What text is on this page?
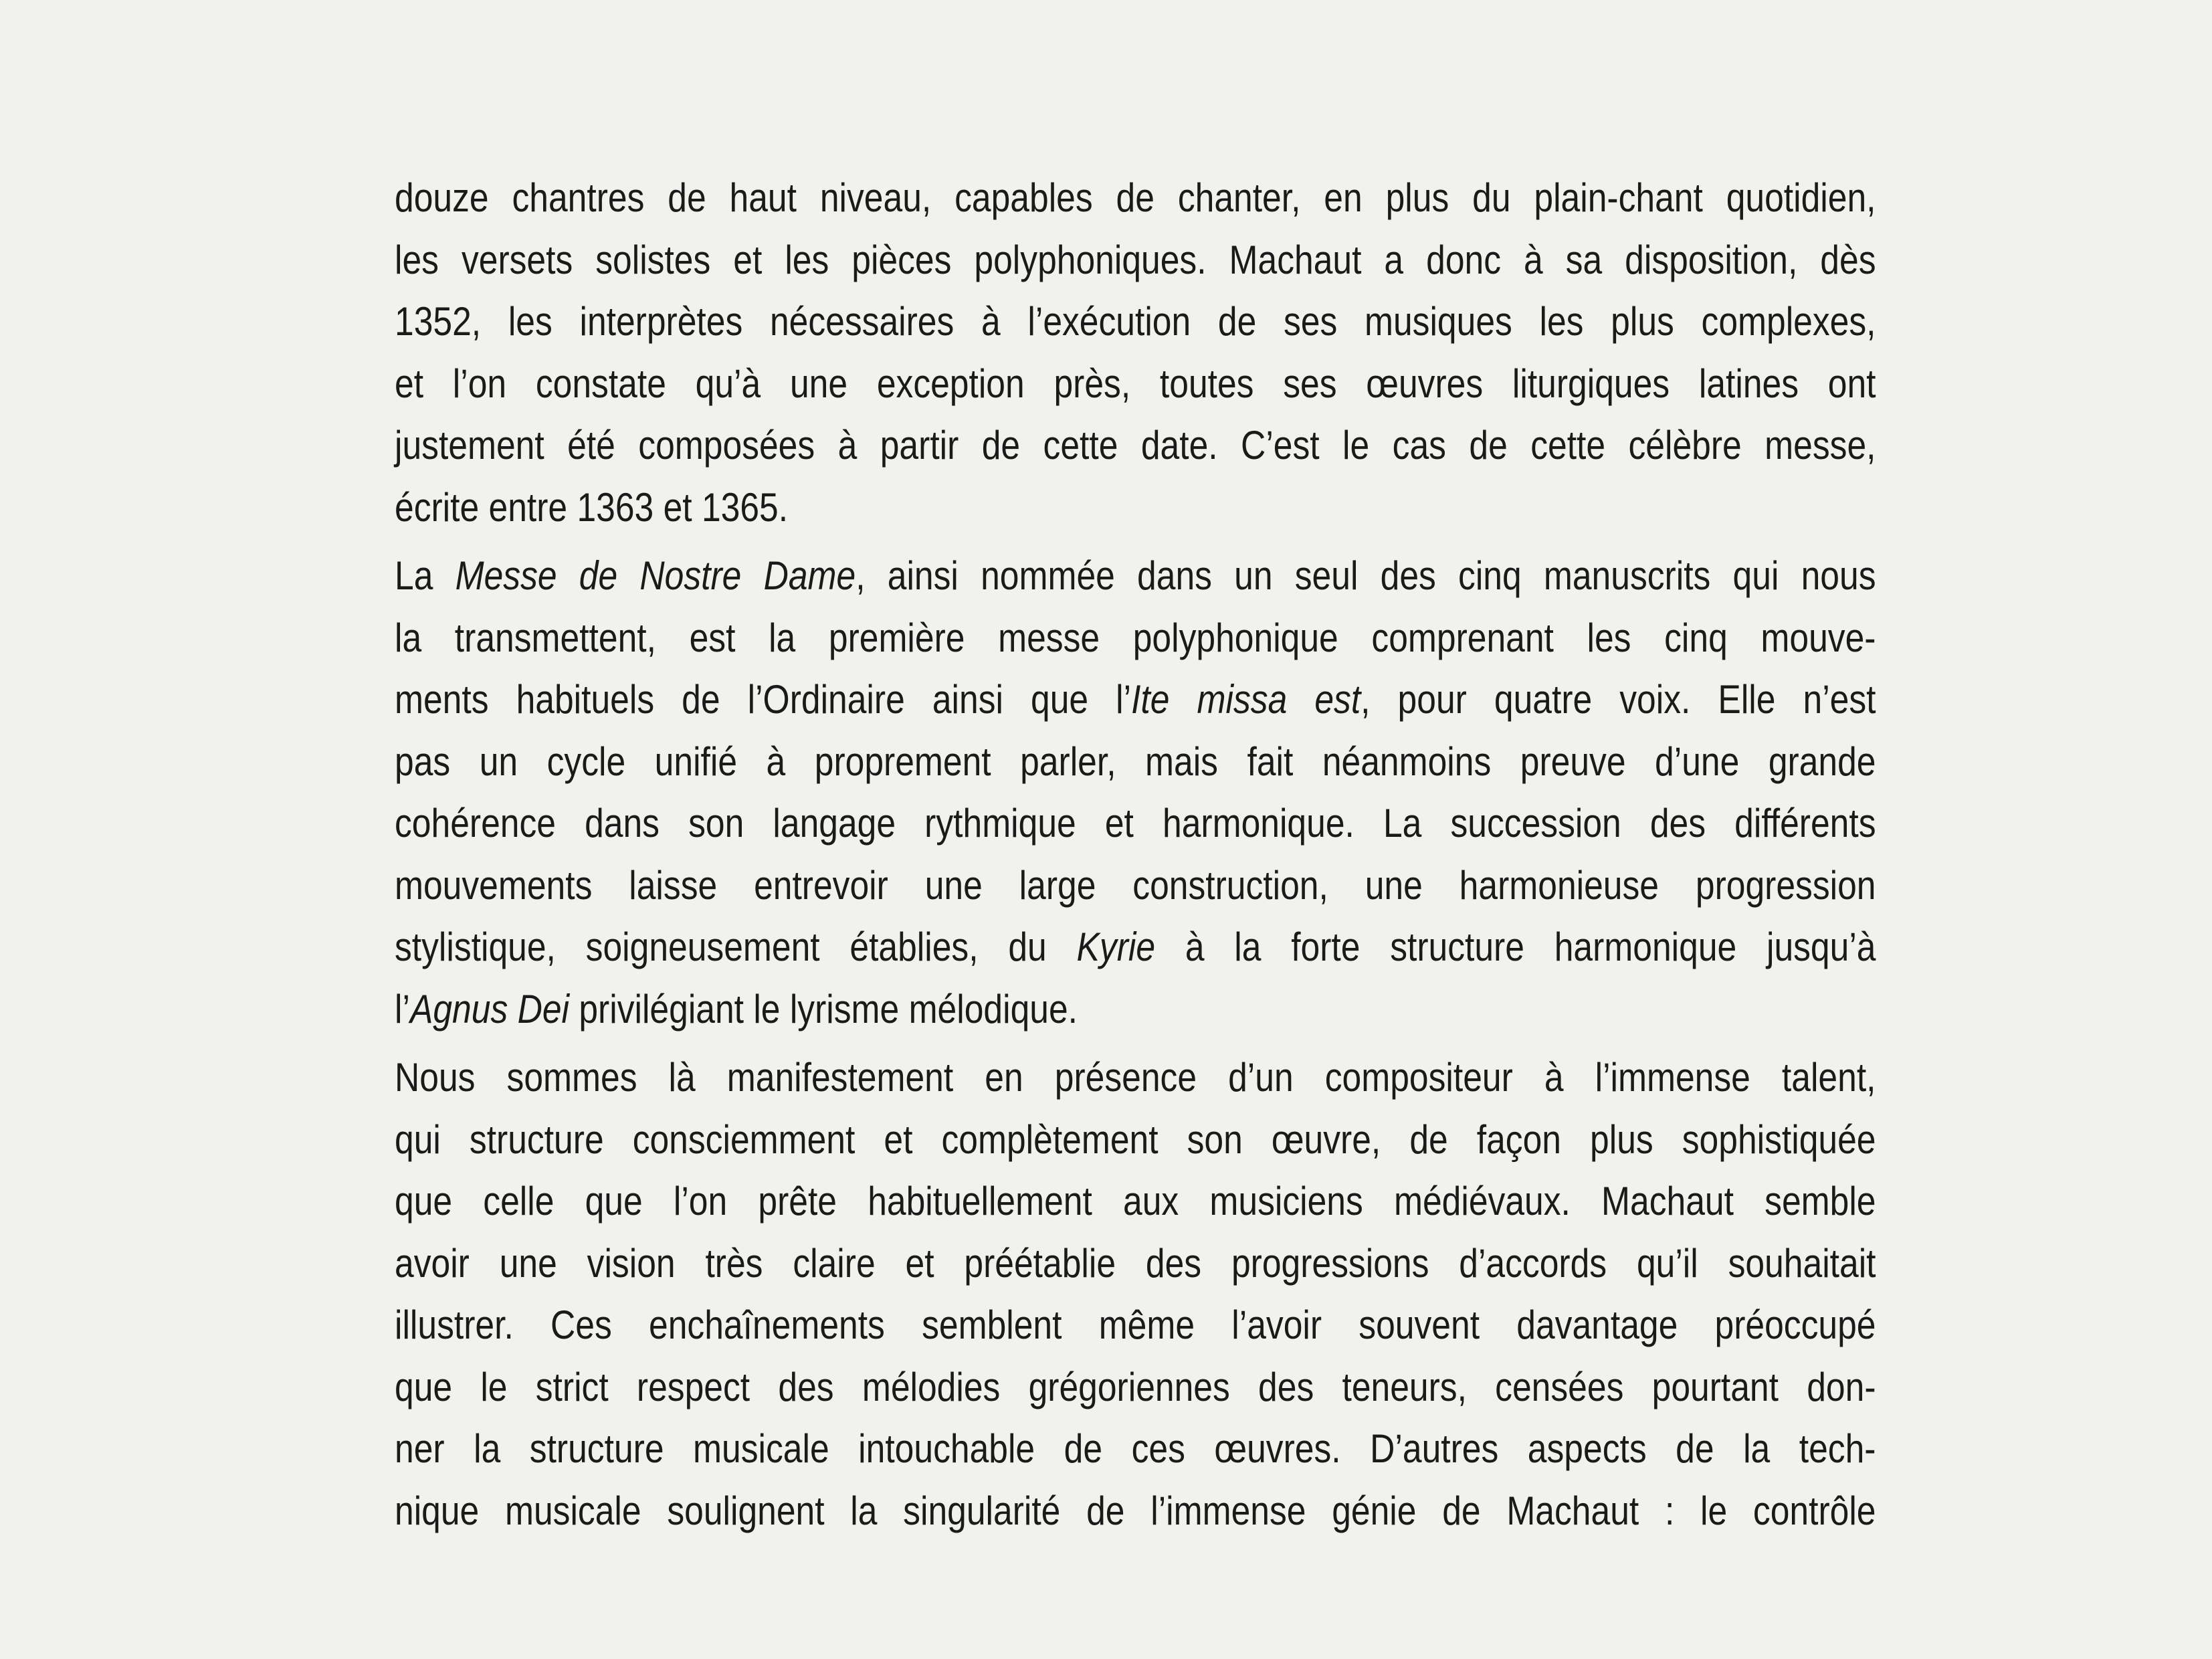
douze chantres de haut niveau, capables de chanter, en plus du plain-chant quotidien,
les versets solistes et les pièces polyphoniques. Machaut a donc à sa disposition, dès
1352, les interprètes nécessaires à l’exécution de ses musiques les plus complexes,
et l’on constate qu’à une exception près, toutes ses œuvres liturgiques latines ont
justement été composées à partir de cette date. C’est le cas de cette célèbre messe,
écrite entre 1363 et 1365.
La Messe de Nostre Dame, ainsi nommée dans un seul des cinq manuscrits qui nous
la transmettent, est la première messe polyphonique comprenant les cinq mouve-
ments habituels de l’Ordinaire ainsi que l’Ite missa est, pour quatre voix. Elle n’est
pas un cycle unifié à proprement parler, mais fait néanmoins preuve d’une grande
cohérence dans son langage rythmique et harmonique. La succession des différents
mouvements laisse entrevoir une large construction, une harmonieuse progression
stylistique, soigneusement établies, du Kyrie à la forte structure harmonique jusqu’à
l’Agnus Dei privilégiant le lyrisme mélodique.
Nous sommes là manifestement en présence d’un compositeur à l’immense talent,
qui structure consciemment et complètement son œuvre, de façon plus sophistiquée
que celle que l’on prête habituellement aux musiciens médiévaux. Machaut semble
avoir une vision très claire et préétablie des progressions d’accords qu’il souhaitait
illustrer. Ces enchaînements semblent même l’avoir souvent davantage préoccupé
que le strict respect des mélodies grégoriennes des teneurs, censées pourtant don-
ner la structure musicale intouchable de ces œuvres. D’autres aspects de la tech-
nique musicale soulignent la singularité de l’immense génie de Machaut : le contrôle
